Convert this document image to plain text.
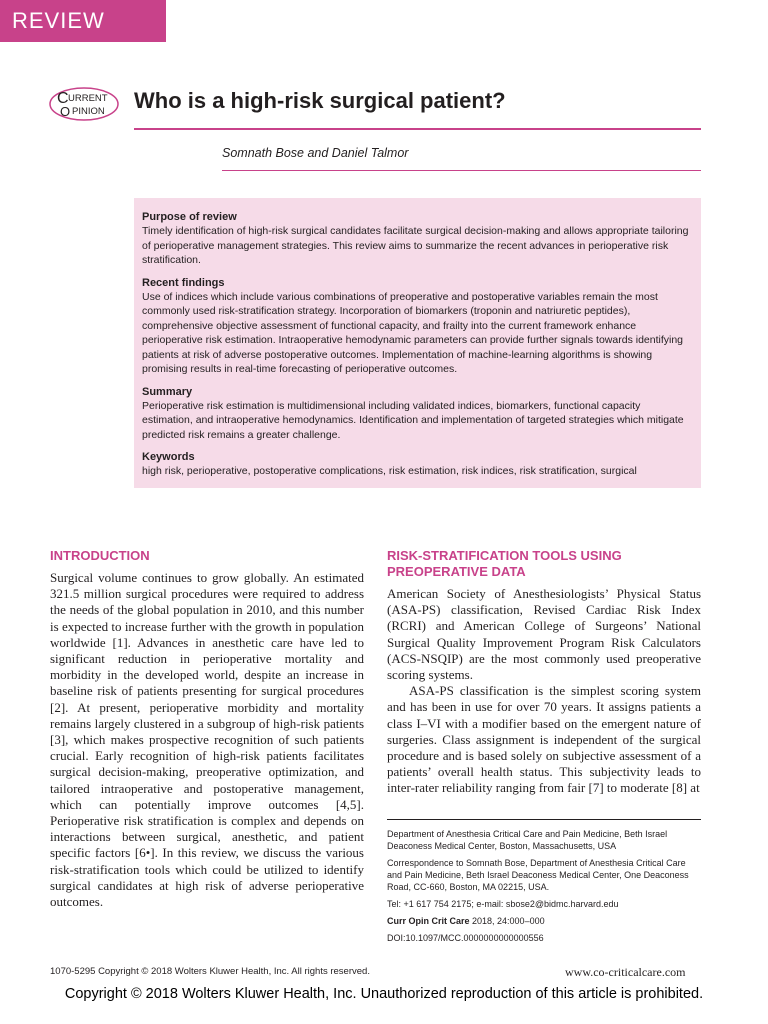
REVIEW
C URRENT
O PINION Who is a high-risk surgical patient?
Somnath Bose and Daniel Talmor

Purpose of review

Timely identification of high-risk surgical candidates facilitate surgical decision-making and allows appropriate tailoring of perioperative management strategies. This review aims to summarize the recent advances in perioperative risk stratification.

Recent findings

Use of indices which include various combinations of preoperative and postoperative variables remain the most commonly used risk-stratification strategy. Incorporation of biomarkers (troponin and natriuretic peptides), comprehensive objective assessment of functional capacity, and frailty into the current framework enhance perioperative risk estimation. Intraoperative hemodynamic parameters can provide further signals towards identifying patients at risk of adverse postoperative outcomes. Implementation of machine-learning algorithms is showing promising results in real-time forecasting of perioperative outcomes.

Summary

Perioperative risk estimation is multidimensional including validated indices, biomarkers, functional capacity estimation, and intraoperative hemodynamics. Identification and implementation of targeted strategies which mitigate predicted risk remains a greater challenge.

Keywords

high risk, perioperative, postoperative complications, risk estimation, risk indices, risk stratification, surgical

INTRODUCTION

Surgical volume continues to grow globally. An estimated 321.5 million surgical procedures were required to address the needs of the global population in 2010, and this number is expected to increase further with the growth in population worldwide [1]. Advances in anesthetic care have led to significant reduction in perioperative mortality and morbidity in the developed world, despite an increase in baseline risk of patients presenting for surgical procedures [2]. At present, perioperative morbidity and mortality remains largely clustered in a subgroup of high-risk patients [3], which makes prospective recognition of such patients crucial. Early recognition of high-risk patients facilitates surgical decision-making, preoperative optimization, and tailored intraoperative and postoperative management, which can potentially improve outcomes [4,5]. Perioperative risk stratification is complex and depends on interactions between surgical, anesthetic, and patient specific factors [6•]. In this review, we discuss the various risk-stratification tools which could be utilized to identify surgical candidates at high risk of adverse perioperative outcomes.

RISK-STRATIFICATION TOOLS USING PREOPERATIVE DATA

American Society of Anesthesiologists’ Physical Status (ASA-PS) classification, Revised Cardiac Risk Index (RCRI) and American College of Surgeons’ National Surgical Quality Improvement Program Risk Calculators (ACS-NSQIP) are the most commonly used preoperative scoring systems.

ASA-PS classification is the simplest scoring system and has been in use for over 70 years. It assigns patients a class I–VI with a modifier based on the emergent nature of surgeries. Class assignment is independent of the surgical procedure and is based solely on subjective assessment of a patients’ overall health status. This subjectivity leads to inter-rater reliability ranging from fair [7] to moderate [8] at

Department of Anesthesia Critical Care and Pain Medicine, Beth Israel Deaconess Medical Center, Boston, Massachusetts, USA

Correspondence to Somnath Bose, Department of Anesthesia Critical Care and Pain Medicine, Beth Israel Deaconess Medical Center, One Deaconess Road, CC-660, Boston, MA 02215, USA.

Tel: +1 617 754 2175; e-mail: sbose2@bidmc.harvard.edu

Curr Opin Crit Care 2018, 24:000–000

DOI:10.1097/MCC.0000000000000556

1070-5295 Copyright © 2018 Wolters Kluwer Health, Inc. All rights reserved.	www.co-criticalcare.com
Copyright © 2018 Wolters Kluwer Health, Inc. Unauthorized reproduction of this article is prohibited.
